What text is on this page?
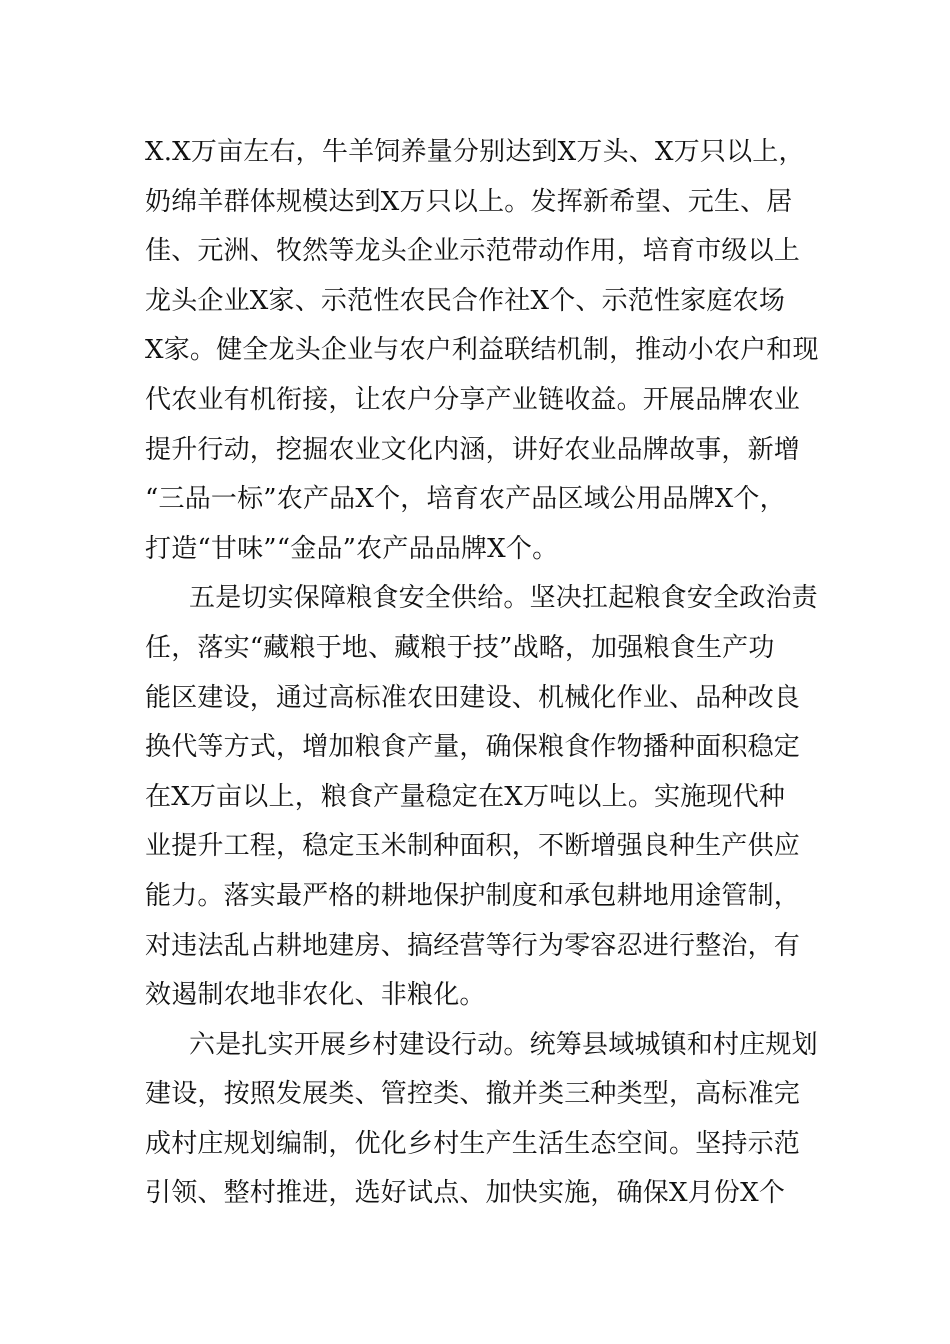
X.X万亩左右，牛羊饲养量分别达到X万头、X万只以上，
奶绵羊群体规模达到X万只以上。发挥新希望、元生、居
佳、元洲、牧然等龙头企业示范带动作用，培育市级以上
龙头企业X家、示范性农民合作社X个、示范性家庭农场
X家。健全龙头企业与农户利益联结机制，推动小农户和现
代农业有机衔接，让农户分享产业链收益。开展品牌农业
提升行动，挖掘农业文化内涵，讲好农业品牌故事，新增
“三品一标”农产品X个，培育农产品区域公用品牌X个，
打造“甘味”“金品”农产品品牌X个。
五是切实保障粮食安全供给。坚决扛起粮食安全政治责
任，落实“藏粮于地、藏粮于技”战略，加强粮食生产功
能区建设，通过高标准农田建设、机械化作业、品种改良
换代等方式，增加粮食产量，确保粮食作物播种面积稳定
在X万亩以上，粮食产量稳定在X万吨以上。实施现代种
业提升工程，稳定玉米制种面积，不断增强良种生产供应
能力。落实最严格的耕地保护制度和承包耕地用途管制，
对违法乱占耕地建房、搞经营等行为零容忍进行整治，有
效遏制农地非农化、非粮化。
六是扎实开展乡村建设行动。统筹县域城镇和村庄规划
建设，按照发展类、管控类、撤并类三种类型，高标准完
成村庄规划编制，优化乡村生产生活生态空间。坚持示范
引领、整村推进，选好试点、加快实施，确保X月份X个
